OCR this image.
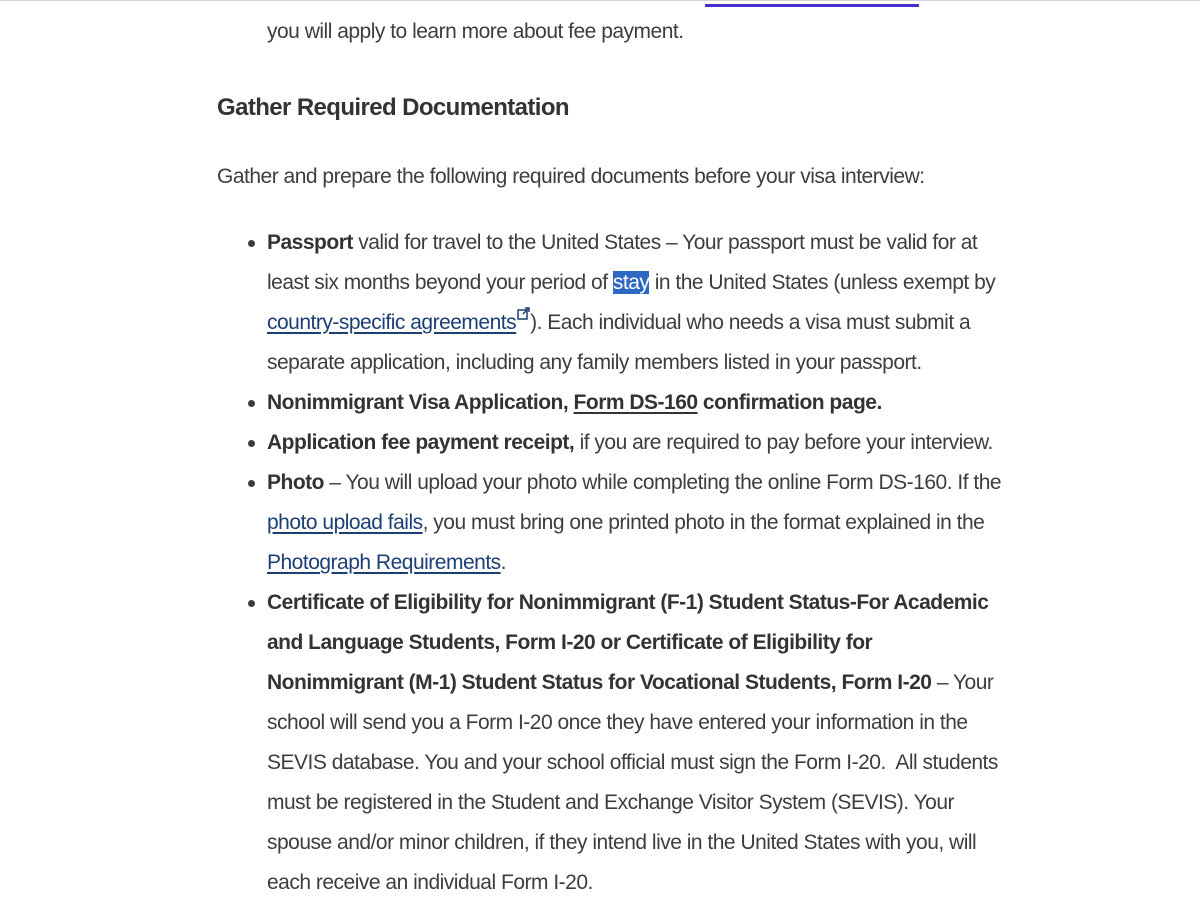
you will apply to learn more about fee payment.

Gather Required Documentation

Gather and prepare the following required documents before your visa interview:

Passport valid for travel to the United States – Your passport must be valid for at least six months beyond your period of stay in the United States (unless exempt by country-specific agreements ). Each individual who needs a visa must submit a separate application, including any family members listed in your passport.
Nonimmigrant Visa Application, Form DS-160 confirmation page.
Application fee payment receipt, if you are required to pay before your interview.
Photo – You will upload your photo while completing the online Form DS-160. If the photo upload fails, you must bring one printed photo in the format explained in the Photograph Requirements.
Certificate of Eligibility for Nonimmigrant (F-1) Student Status-For Academic and Language Students, Form I-20 or Certificate of Eligibility for Nonimmigrant (M-1) Student Status for Vocational Students, Form I-20 – Your school will send you a Form I-20 once they have entered your information in the SEVIS database. You and your school official must sign the Form I-20.  All students must be registered in the Student and Exchange Visitor System (SEVIS). Your spouse and/or minor children, if they intend live in the United States with you, will each receive an individual Form I-20.
